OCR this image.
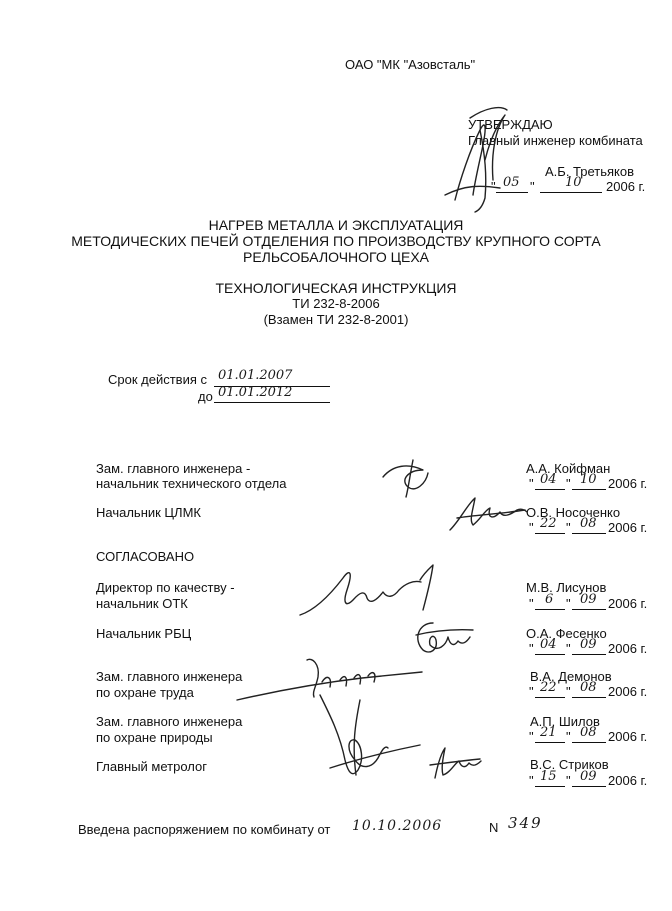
ОАО "МК "Азовсталь"
УТВЕРЖДАЮ
Главный инженер комбината
А.Б. Третьяков
" 05 " 10 2006 г.
НАГРЕВ МЕТАЛЛА И ЭКСПЛУАТАЦИЯ
МЕТОДИЧЕСКИХ ПЕЧЕЙ ОТДЕЛЕНИЯ ПО ПРОИЗВОДСТВУ КРУПНОГО СОРТА
РЕЛЬСОБАЛОЧНОГО ЦЕХА
ТЕХНОЛОГИЧЕСКАЯ ИНСТРУКЦИЯ
ТИ 232-8-2006
(Взамен ТИ 232-8-2001)
Срок действия с 01.01.2007
до 01.01.2012
Зам. главного инженера -
начальник технического отдела
А.А. Койфман
" 04 " 10 2006 г.
Начальник ЦЛМК	О.В. Носоченко
" 22 " 08 2006 г.
СОГЛАСОВАНО
Директор по качеству -
начальник ОТК
М.В. Лисунов
" 6 " 09 2006 г.
Начальник РБЦ	О.А. Фесенко
" 04 " 09 2006 г.
Зам. главного инженера
по охране труда
В.А. Демонов
" 22 " 08 2006 г.
Зам. главного инженера
по охране природы
А.П. Шилов
" 21 " 08 2006 г.
Главный метролог	В.С. Стриков
" 15 " 09 2006 г.
Введена распоряжением по комбинату от 10.10.2006	N 349
